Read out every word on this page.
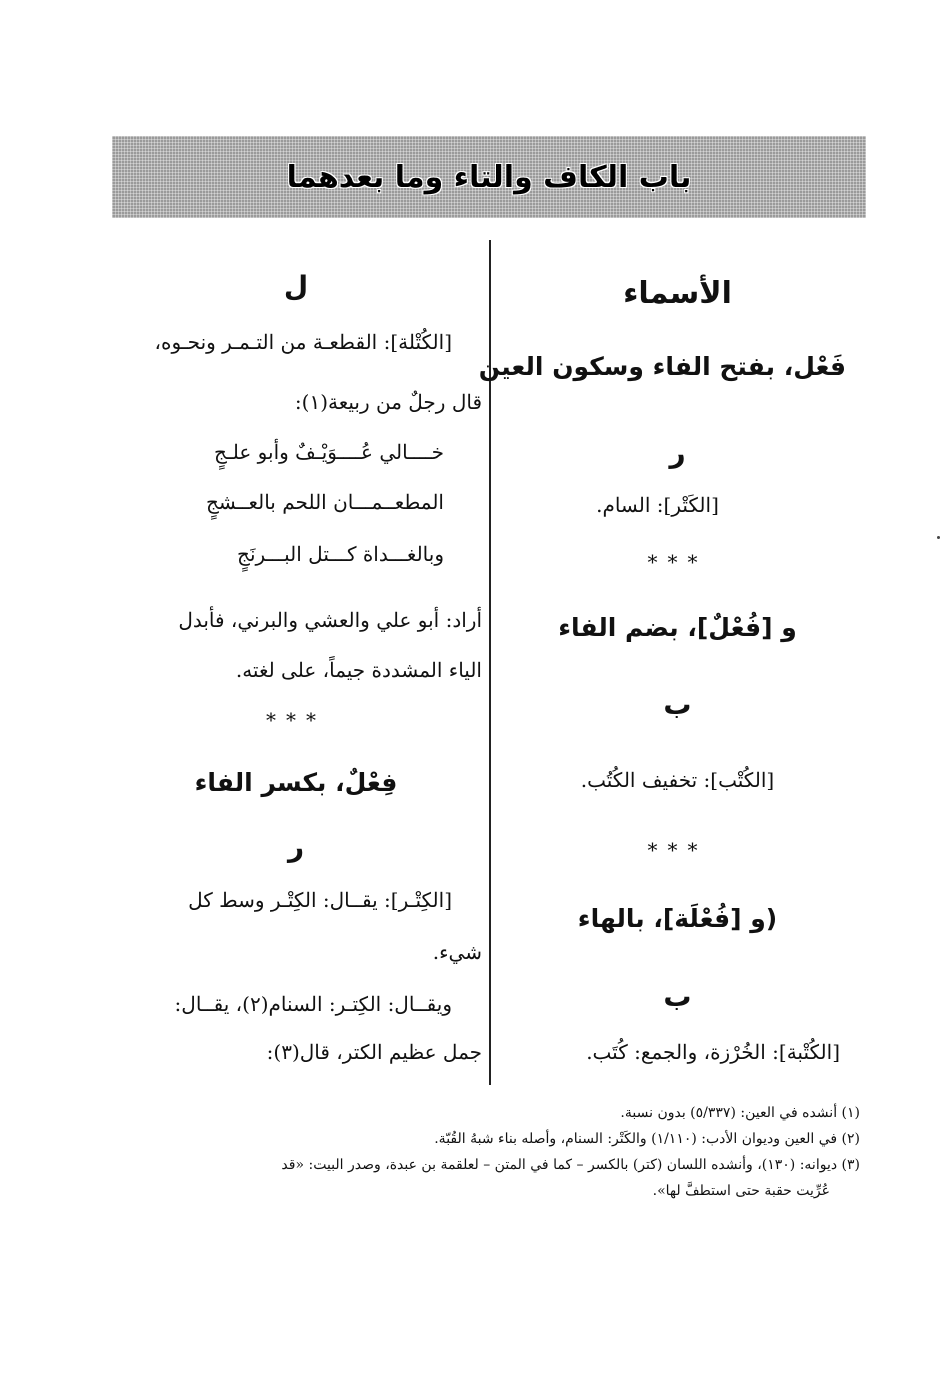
باب الكاف والتاء وما بعدهما
الأسماء
فَعْل، بفتح الفاء وسكون العين
ر
[الكَتْر]: السام.
***
و [فُعْلٌ]، بضم الفاء
ب
[الكُتْب]: تخفيف الكُتُب.
***
(و [فُعْلَة]، بالهاء
ب
[الكُتْبة]: الخُرْزة، والجمع: كُتَب.
ل
[الكُتْلة]: القطعـة من التـمـر ونحـوه،
قال رجلٌ من ربيعة(١):
خــــالي عُــــوَيْـفٌ وأبو علـجٍ
المطعــمـــان اللحم بالعــشجٍ
وبالغـــداة كـــتل البـــرنَجٍ
أراد: أبو علي والعشي والبرني، فأبدل
الياء المشددة جيماً، على لغته.
***
فِعْلٌ، بكسر الفاء
ر
[الكِتْـر]: يقــال: الكِتْـر وسط كل
شيء.
ويقــال: الكِتـر: السنام(٢)، يقــال:
جمل عظيم الكتر، قال(٣):
(١) أنشده في العين: (٥/٣٣٧) بدون نسبة.
(٢) في العين وديوان الأدب: (١/١١٠) والكَتْر: السنام، وأصله بناء شبهُ القُبّة.
(٣) ديوانه: (١٣٠)، وأنشده اللسان (كتر) بالكسر – كما في المتن – لعلقمة بن عبدة، وصدر البيت: «قد
عُرِّيت حقبة حتى استطفَّ لها».
